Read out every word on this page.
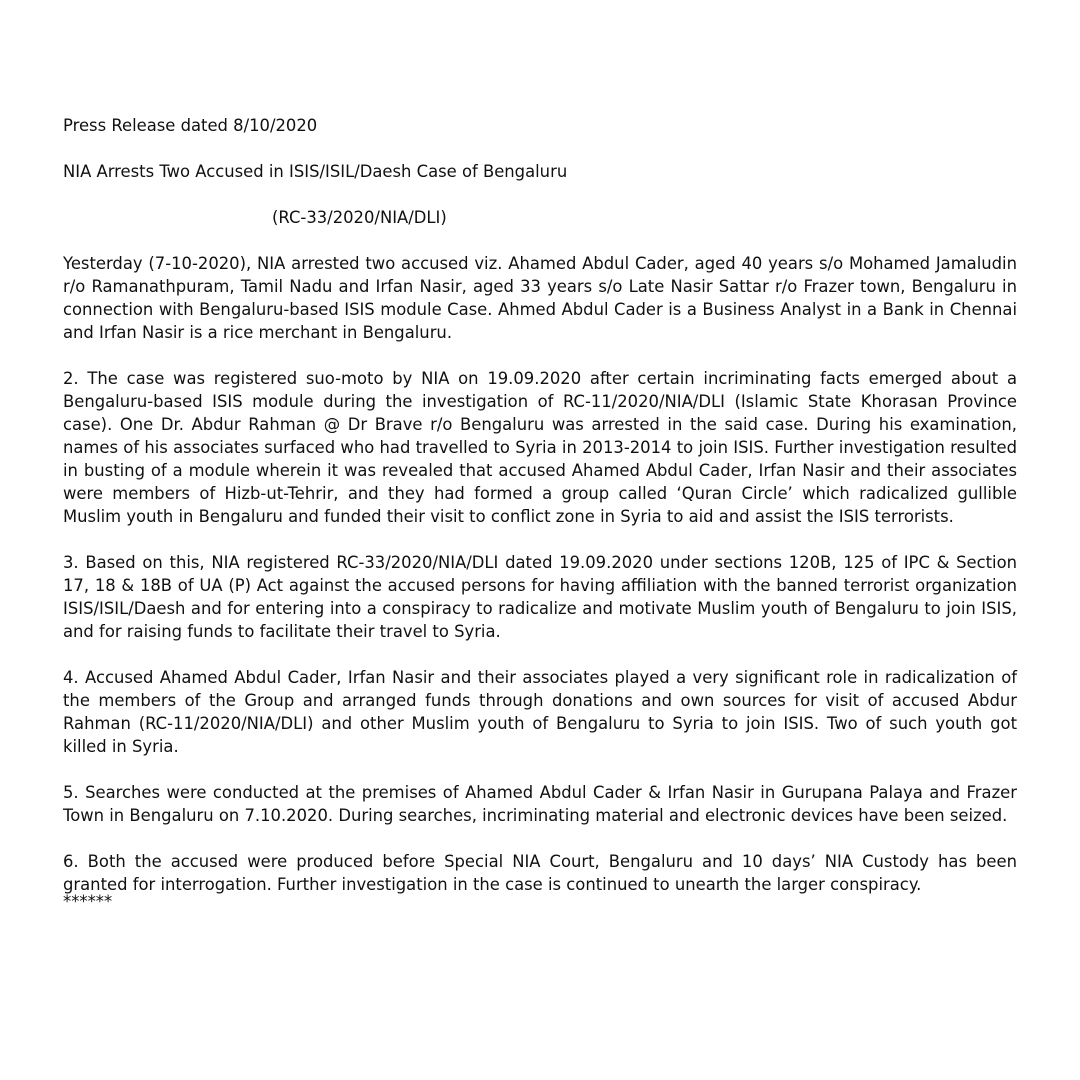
Press Release dated 8/10/2020

NIA Arrests Two Accused in ISIS/ISIL/Daesh Case of Bengaluru

(RC-33/2020/NIA/DLI)

Yesterday (7-10-2020), NIA arrested two accused viz. Ahamed Abdul Cader, aged 40 years s/o Mohamed Jamaludin r/o Ramanathpuram, Tamil Nadu and Irfan Nasir, aged 33 years s/o Late Nasir Sattar r/o Frazer town, Bengaluru in connection with Bengaluru-based ISIS module Case. Ahmed Abdul Cader is a Business Analyst in a Bank in Chennai and Irfan Nasir is a rice merchant in Bengaluru.

2. The case was registered suo-moto by NIA on 19.09.2020 after certain incriminating facts emerged about a Bengaluru-based ISIS module during the investigation of RC-11/2020/NIA/DLI (Islamic State Khorasan Province case). One Dr. Abdur Rahman @ Dr Brave r/o Bengaluru was arrested in the said case. During his examination, names of his associates surfaced who had travelled to Syria in 2013-2014 to join ISIS. Further investigation resulted in busting of a module wherein it was revealed that accused Ahamed Abdul Cader, Irfan Nasir and their associates were members of Hizb-ut-Tehrir, and they had formed a group called ‘Quran Circle’ which radicalized gullible Muslim youth in Bengaluru and funded their visit to conflict zone in Syria to aid and assist the ISIS terrorists.

3. Based on this, NIA registered RC-33/2020/NIA/DLI dated 19.09.2020 under sections 120B, 125 of IPC & Section 17, 18 & 18B of UA (P) Act against the accused persons for having affiliation with the banned terrorist organization ISIS/ISIL/Daesh and for entering into a conspiracy to radicalize and motivate Muslim youth of Bengaluru to join ISIS, and for raising funds to facilitate their travel to Syria.

4. Accused Ahamed Abdul Cader, Irfan Nasir and their associates played a very significant role in radicalization of the members of the Group and arranged funds through donations and own sources for visit of accused Abdur Rahman (RC-11/2020/NIA/DLI) and other Muslim youth of Bengaluru to Syria to join ISIS. Two of such youth got killed in Syria.

5. Searches were conducted at the premises of Ahamed Abdul Cader & Irfan Nasir in Gurupana Palaya and Frazer Town in Bengaluru on 7.10.2020. During searches, incriminating material and electronic devices have been seized.

6. Both the accused were produced before Special NIA Court, Bengaluru and 10 days’ NIA Custody has been granted for interrogation. Further investigation in the case is continued to unearth the larger conspiracy.

******
